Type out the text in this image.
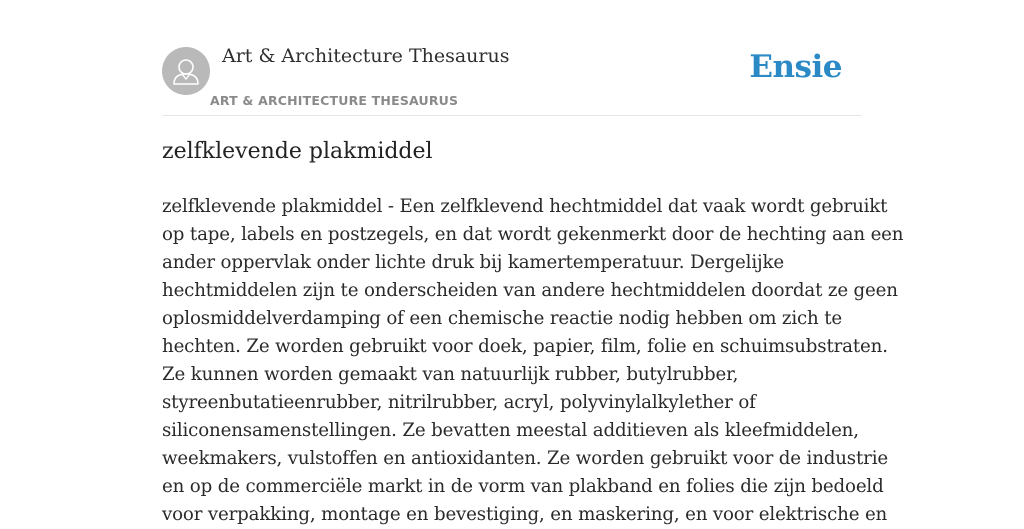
Art & Architecture Thesaurus
ART & ARCHITECTURE THESAURUS
Ensie
zelfklevende plakmiddel

zelfklevende plakmiddel - Een zelfklevend hechtmiddel dat vaak wordt gebruikt
op tape, labels en postzegels, en dat wordt gekenmerkt door de hechting aan een
ander oppervlak onder lichte druk bij kamertemperatuur. Dergelijke
hechtmiddelen zijn te onderscheiden van andere hechtmiddelen doordat ze geen
oplosmiddelverdamping of een chemische reactie nodig hebben om zich te
hechten. Ze worden gebruikt voor doek, papier, film, folie en schuimsubstraten.
Ze kunnen worden gemaakt van natuurlijk rubber, butylrubber,
styreenbutatieenrubber, nitrilrubber, acryl, polyvinylalkylether of
siliconensamenstellingen. Ze bevatten meestal additieven als kleefmiddelen,
weekmakers, vulstoffen en antioxidanten. Ze worden gebruikt voor de industrie
en op de commerciële markt in de vorm van plakband en folies die zijn bedoeld
voor verpakking, montage en bevestiging, en maskering, en voor elektrische en
